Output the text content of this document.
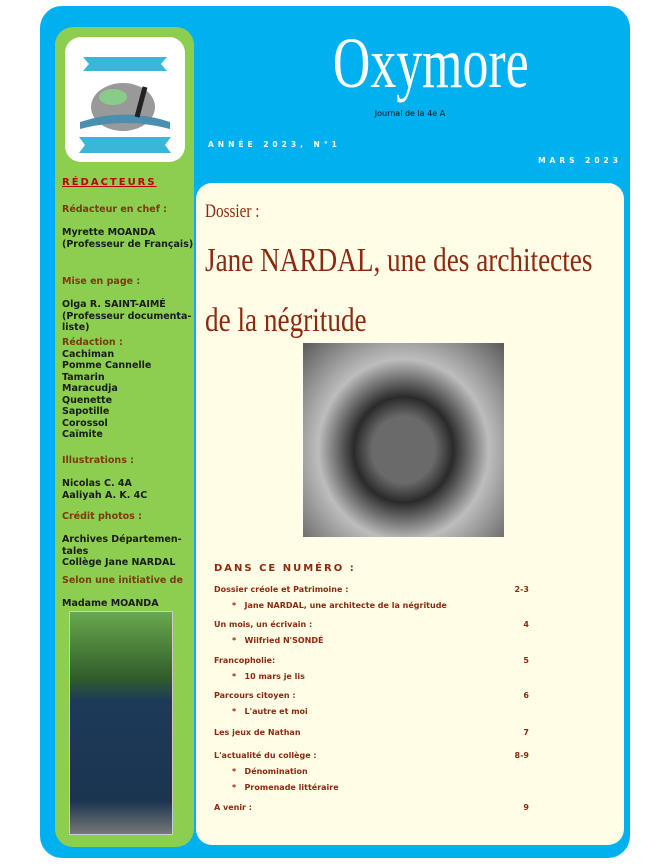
RÉDACTEURS
Rédacteur en chef :

Myrette MOANDA
(Professeur de Français)
Mise en page :

Olga R. SAINT-AIMÉ
(Professeur documenta-
liste)
Rédaction :
Cachiman
Pomme Cannelle
Tamarin
Maracudja
Quenette
Sapotille
Corossol
Caïmite
Illustrations :

Nicolas C. 4A
Aaliyah A. K. 4C
Crédit photos :

Archives Départemen-
tales
Collège Jane NARDAL
Selon une initiative de

Madame MOANDA
Oxymore
Journal de la 4e A
ANNÉE 2023, N°1
MARS 2023
Dossier :
Jane NARDAL, une des architectes de la négritude
DANS CE NUMÉRO :
Dossier créole et Patrimoine :	2-3
* Jane NARDAL, une architecte de la négritude
Un mois, un écrivain :	4
* Wilfried N'SONDÉ
Francopholie:	5
* 10 mars je lis
Parcours citoyen :	6
* L'autre et moi
Les jeux de Nathan	7
L'actualité du collège :	8-9
* Dénomination
* Promenade littéraire
A venir :	9
